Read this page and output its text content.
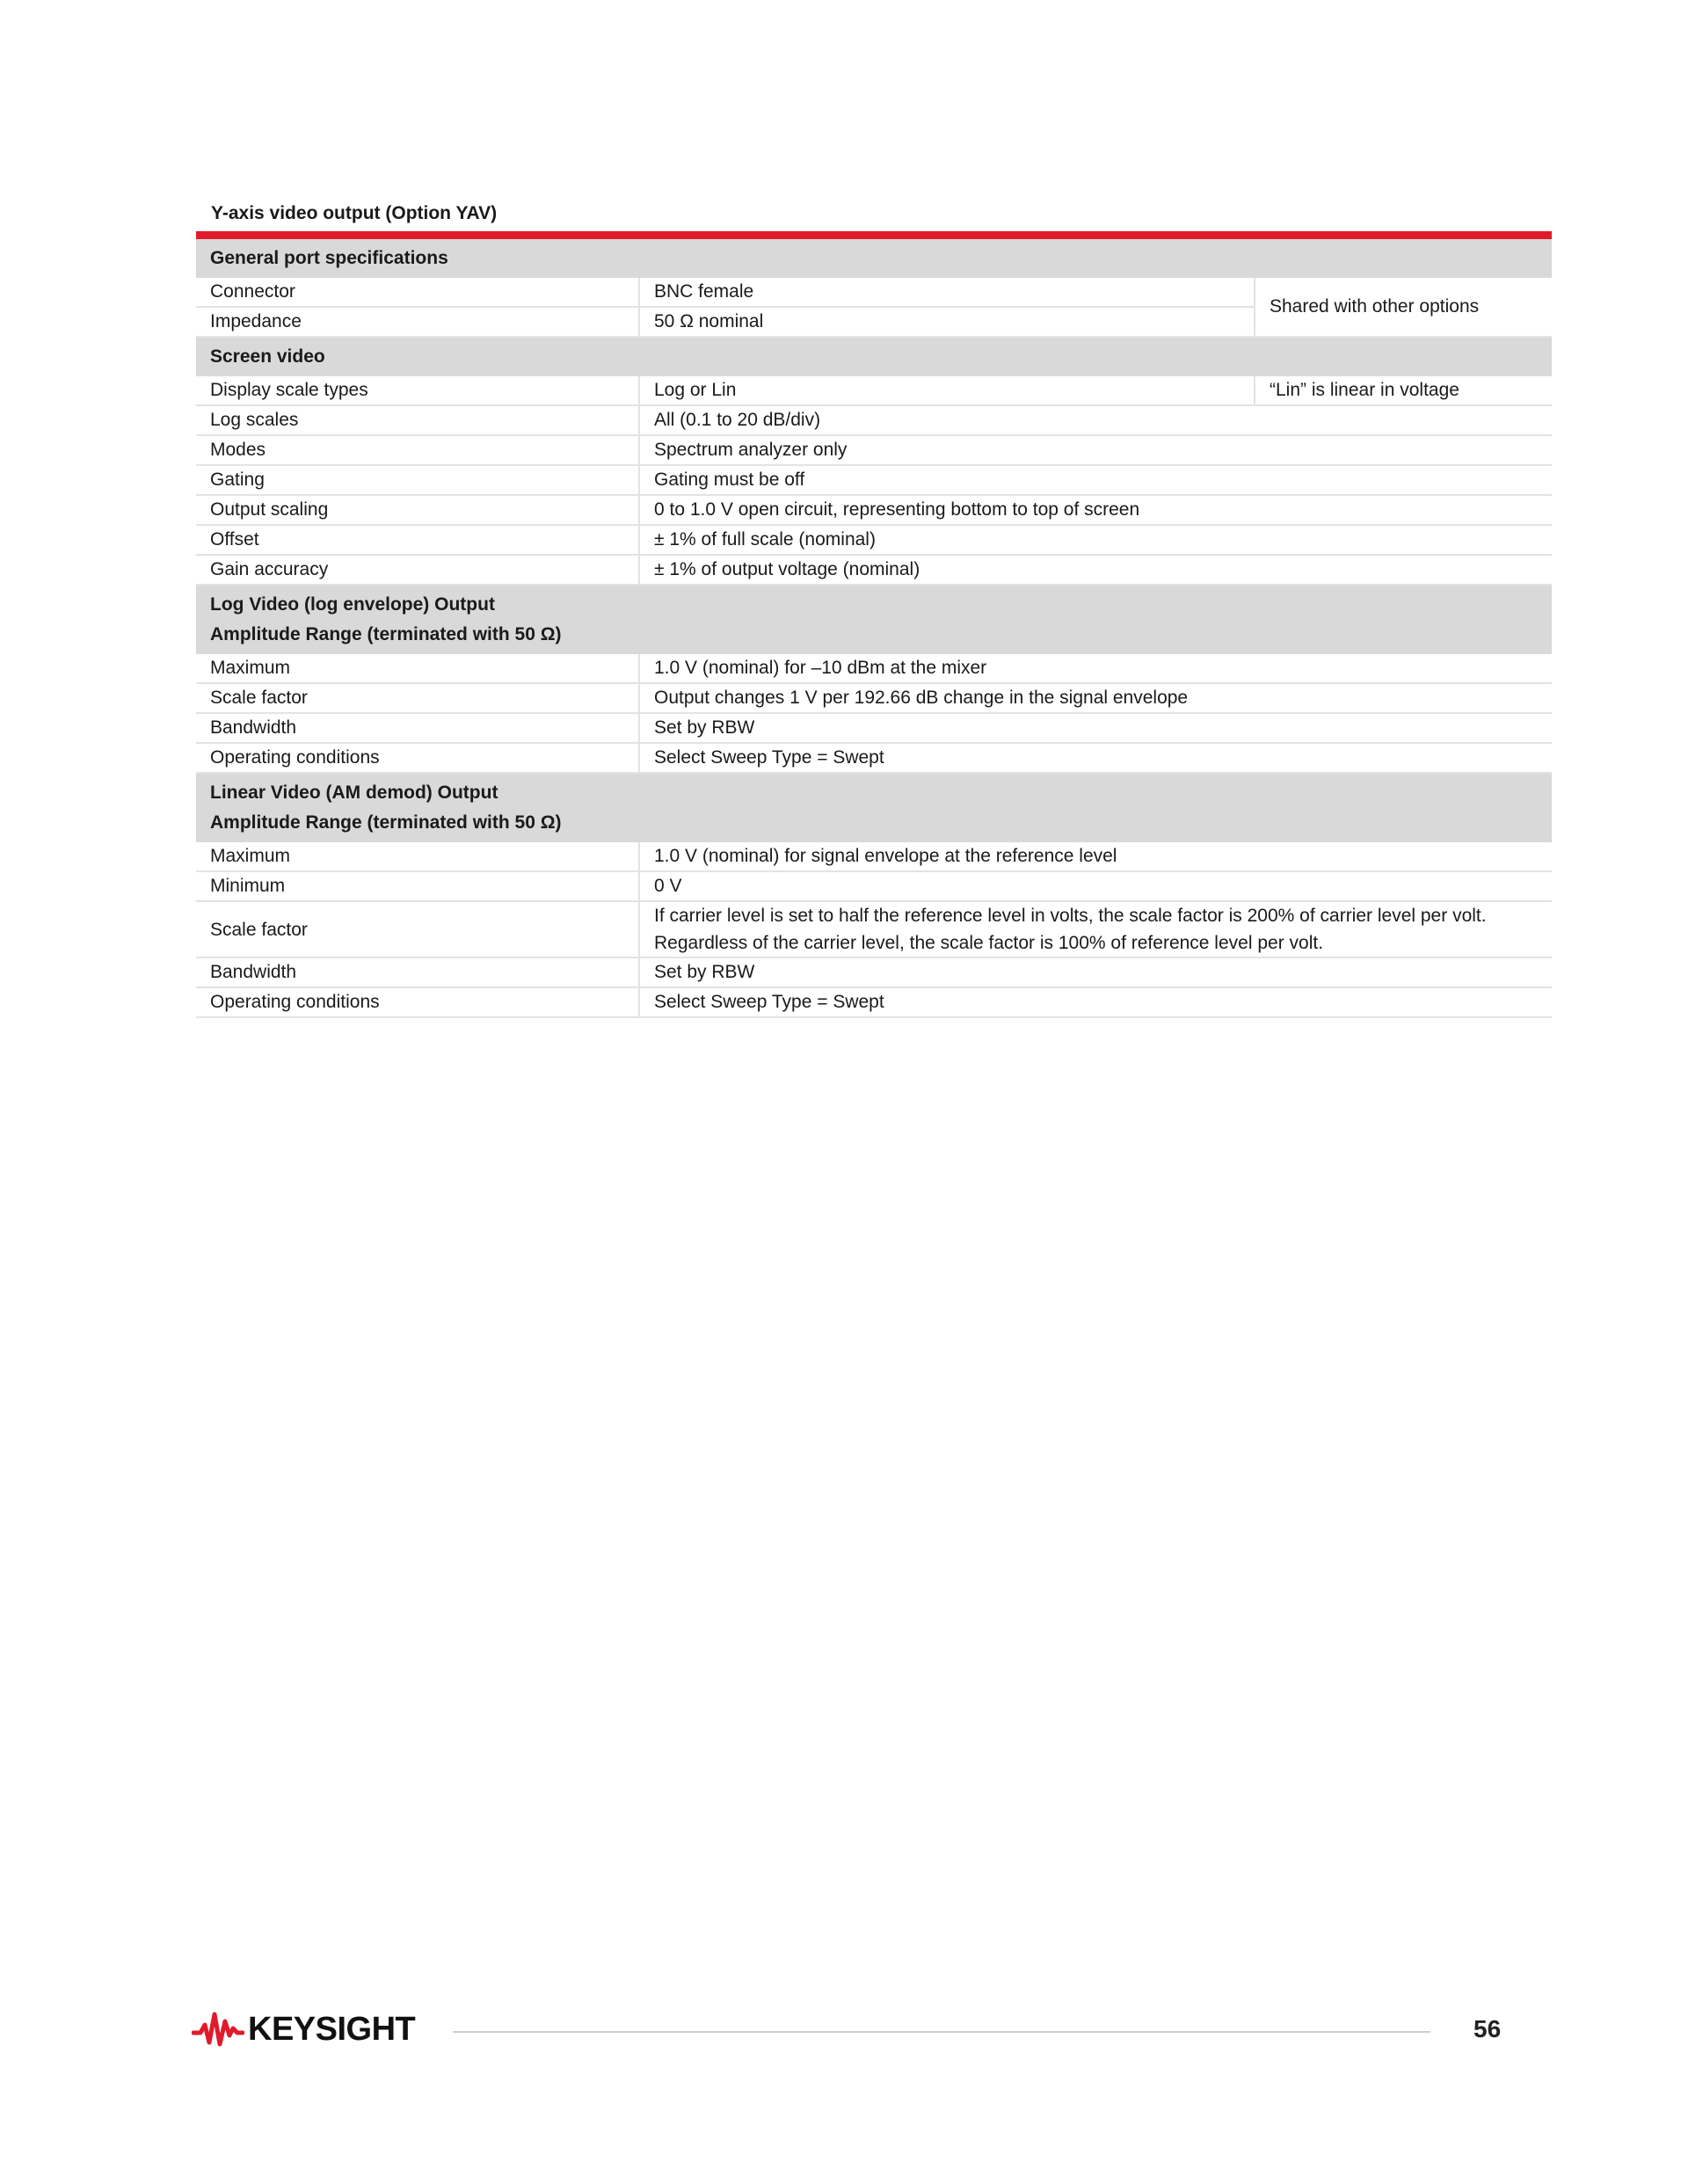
Y-axis video output (Option YAV)
General port specifications		
Connector	BNC female	Shared with other options
Impedance	50 Ω nominal	
Screen video		
Display scale types	Log or Lin	“Lin” is linear in voltage
Log scales	All (0.1 to 20 dB/div)	
Modes	Spectrum analyzer only	
Gating	Gating must be off	
Output scaling	0 to 1.0 V open circuit, representing bottom to top of screen	
Offset	± 1% of full scale (nominal)	
Gain accuracy	± 1% of output voltage (nominal)	

Log Video (log envelope) Output
Amplitude Range (terminated with 50 Ω)		

Maximum	1.0 V (nominal) for –10 dBm at the mixer	
Scale factor	Output changes 1 V per 192.66 dB change in the signal envelope	
Bandwidth	Set by RBW	
Operating conditions	Select Sweep Type = Swept	

Linear Video (AM demod) Output
Amplitude Range (terminated with 50 Ω)		

Maximum	1.0 V (nominal) for signal envelope at the reference level	
Minimum	0 V	
Scale factor	If carrier level is set to half the reference level in volts, the scale factor is 200% of carrier level per volt.
Regardless of the carrier level, the scale factor is 100% of reference level per volt.	

Bandwidth	Set by RBW	
Operating conditions	Select Sweep Type = Swept	
KEYSIGHT	56
